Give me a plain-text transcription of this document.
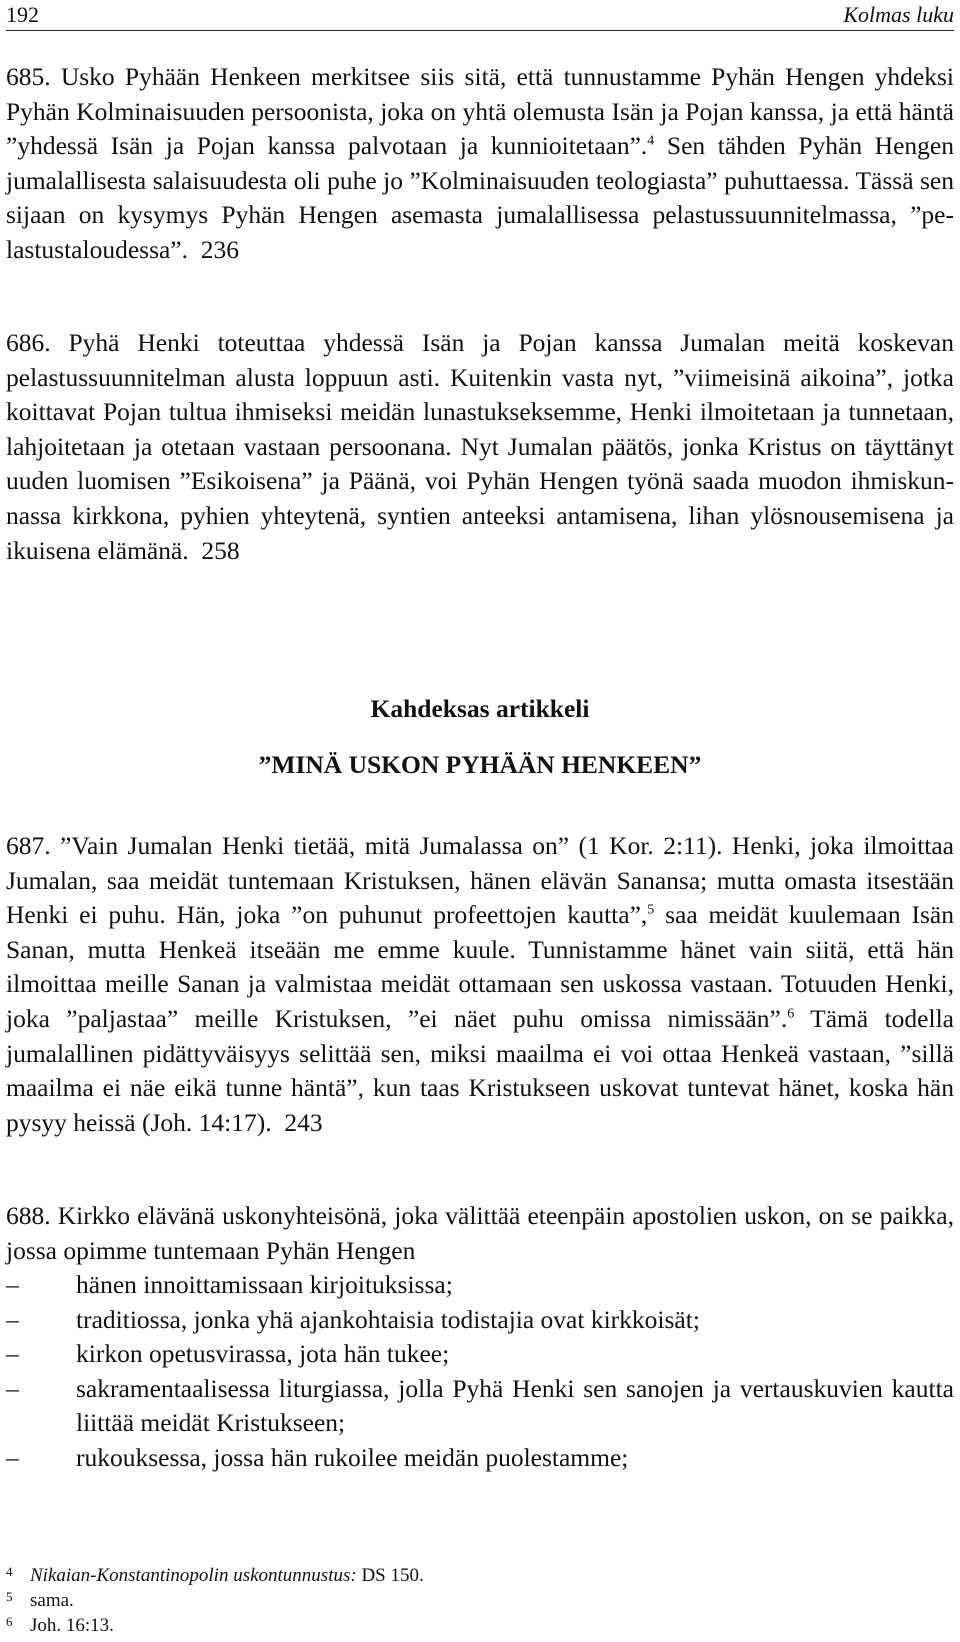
192	Kolmas luku
685. Usko Pyhään Henkeen merkitsee siis sitä, että tunnustamme Pyhän Hengen yhdeksi Pyhän Kolminaisuuden persoonista, joka on yhtä olemusta Isän ja Pojan kanssa, ja että häntä ”yhdessä Isän ja Pojan kanssa palvotaan ja kunnioitetaan”.$^4$ Sen tähden Pyhän Hengen jumalallisesta salaisuudesta oli puhe jo ”Kolminaisuuden teologiasta” puhuttaessa. Tässä sen sijaan on kysymys Pyhän Hengen asemasta jumalallisessa pelastussuunnitelmassa, ”pelastustaloudessa”. 236
686. Pyhä Henki toteuttaa yhdessä Isän ja Pojan kanssa Jumalan meitä koskevan pelastussuunnitelman alusta loppuun asti. Kuitenkin vasta nyt, ”viimeisinä aikoina”, jotka koittavat Pojan tultua ihmiseksi meidän lunastukseksemme, Henki ilmoitetaan ja tunnetaan, lahjoitetaan ja otetaan vastaan persoonana. Nyt Jumalan päätös, jonka Kristus on täyttänyt uuden luomisen ”Esikoisena” ja Päänä, voi Pyhän Hengen työnä saada muodon ihmiskunnassa kirkkona, pyhien yhteytenä, syntien anteeksi antamisena, lihan ylösnousemisena ja ikuisena elämänä. 258
Kahdeksas artikkeli
”MINÄ USKON PYHÄÄN HENKEEN”
687. ”Vain Jumalan Henki tietää, mitä Jumalassa on” (1 Kor. 2:11). Henki, joka ilmoittaa Jumalan, saa meidät tuntemaan Kristuksen, hänen elävän Sanansa; mutta omasta itsestään Henki ei puhu. Hän, joka ”on puhunut profeettojen kautta”,$^5$ saa meidät kuulemaan Isän Sanan, mutta Henkeä itseään me emme kuule. Tunnistamme hänet vain siitä, että hän ilmoittaa meille Sanan ja valmistaa meidät ottamaan sen uskossa vastaan. Totuuden Henki, joka ”paljastaa” meille Kristuksen, ”ei näet puhu omissa nimissään”.$^6$ Tämä todella jumalallinen pidättyväisyys selittää sen, miksi maailma ei voi ottaa Henkeä vastaan, ”sillä maailma ei näe eikä tunne häntä”, kun taas Kristukseen uskovat tuntevat hänet, koska hän pysyy heissä (Joh. 14:17). 243
688. Kirkko elävänä uskonyhteisönä, joka välittää eteenpäin apostolien uskon, on se paikka, jossa opimme tuntemaan Pyhän Hengen
– hänen innoittamissaan kirjoituksissa;
– traditiossa, jonka yhä ajankohtaisia todistajia ovat kirkkoisät;
– kirkon opetusvirassa, jota hän tukee;
– sakramentaalisessa liturgiassa, jolla Pyhä Henki sen sanojen ja vertauskuvien kautta liittää meidät Kristukseen;
– rukouksessa, jossa hän rukoilee meidän puolestamme;
4 Nikaian-Konstantinopolin uskontunnustus: DS 150.
5 sama.
6 Joh. 16:13.
